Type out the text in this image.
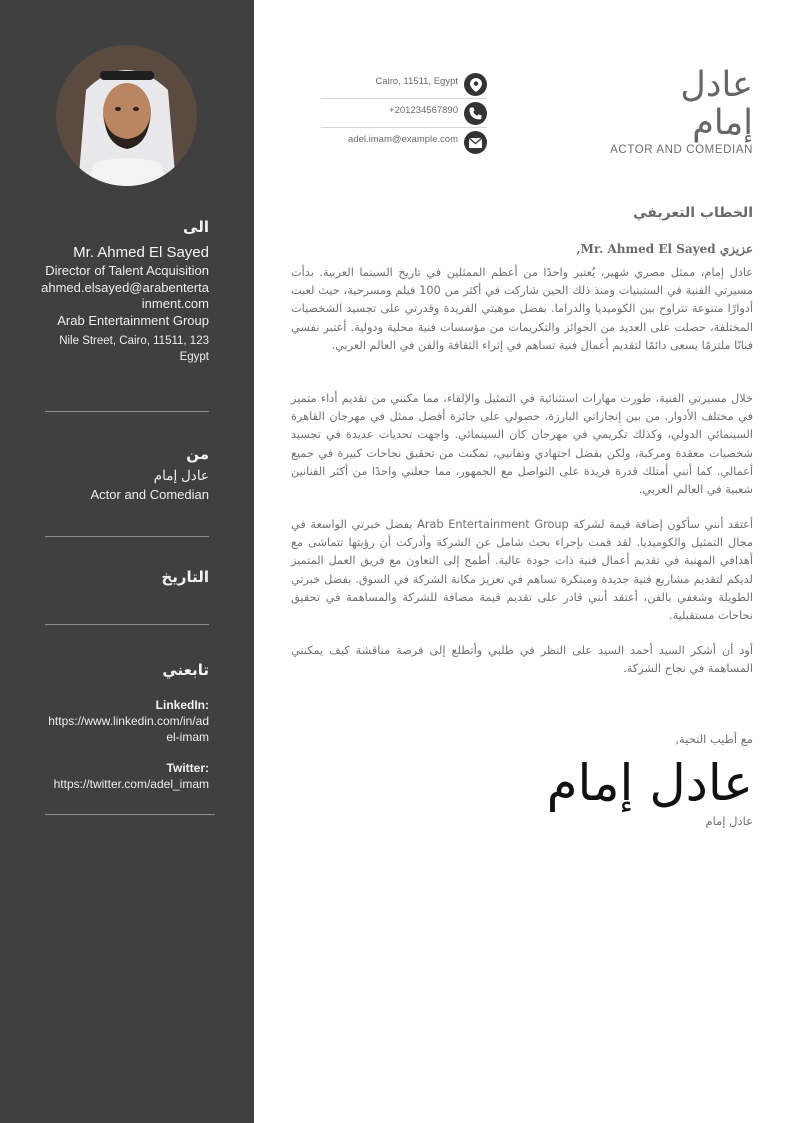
الى
Mr. Ahmed El Sayed
Director of Talent Acquisition
ahmed.elsayed@arabentertainment.com
Arab Entertainment Group
Nile Street, Cairo, 11511, 123 Egypt
من
عادل إمام
Actor and Comedian
التاريخ
تابعني
LinkedIn:
https://www.linkedin.com/in/adel-imam
Twitter:
https://twitter.com/adel_imam
Cairo, 11511, Egypt
+201234567890
adel.imam@example.com
عادل
إمام
ACTOR AND COMEDIAN
الخطاب التعريفي
عزيزي Mr. Ahmed El Sayed,
عادل إمام، ممثل مصري شهير، يُعتبر واحدًا من أعظم الممثلين في تاريخ السينما العربية. بدأت مسيرتي الفنية في الستينيات ومنذ ذلك الحين شاركت في أكثر من 100 فيلم ومسرحية، حيث لعبت أدوارًا متنوعة تتراوح بين الكوميديا والدراما. بفضل موهبتي الفريدة وقدرتي على تجسيد الشخصيات المختلفة، حصلت على العديد من الجوائز والتكريمات من مؤسسات فنية محلية ودولية. أعتبر نفسي فنانًا ملتزمًا يسعى دائمًا لتقديم أعمال فنية تساهم في إثراء الثقافة والفن في العالم العربي.
خلال مسيرتي الفنية، طورت مهارات استثنائية في التمثيل والإلقاء، مما مكنني من تقديم أداء متميز في مختلف الأدوار. من بين إنجازاتي البارزة، حصولي على جائزة أفضل ممثل في مهرجان القاهرة السينمائي الدولي، وكذلك تكريمي في مهرجان كان السينمائي. واجهت تحديات عديدة في تجسيد شخصيات معقدة ومركبة، ولكن بفضل اجتهادي وتفانيي، تمكنت من تحقيق نجاحات كبيرة في جميع أعمالي. كما أنني أمتلك قدرة فريدة على التواصل مع الجمهور، مما جعلني واحدًا من أكثر الفنانين شعبية في العالم العربي.
أعتقد أنني سأكون إضافة قيمة لشركة Arab Entertainment Group بفضل خبرتي الواسعة في مجال التمثيل والكوميديا. لقد قمت بإجراء بحث شامل عن الشركة وأدركت أن رؤيتها تتماشى مع أهدافي المهنية في تقديم أعمال فنية ذات جودة عالية. أطمح إلى التعاون مع فريق العمل المتميز لديكم لتقديم مشاريع فنية جديدة ومبتكرة تساهم في تعزيز مكانة الشركة في السوق. بفضل خبرتي الطويلة وشغفي بالفن، أعتقد أنني قادر على تقديم قيمة مضافة للشركة والمساهمة في تحقيق نجاحات مستقبلية.
أود أن أشكر السيد أحمد السيد على النظر في طلبي وأتطلع إلى فرصة مناقشة كيف يمكنني المساهمة في نجاح الشركة.
مع أطيب التحية,
عادل إمام
عادل إمام
